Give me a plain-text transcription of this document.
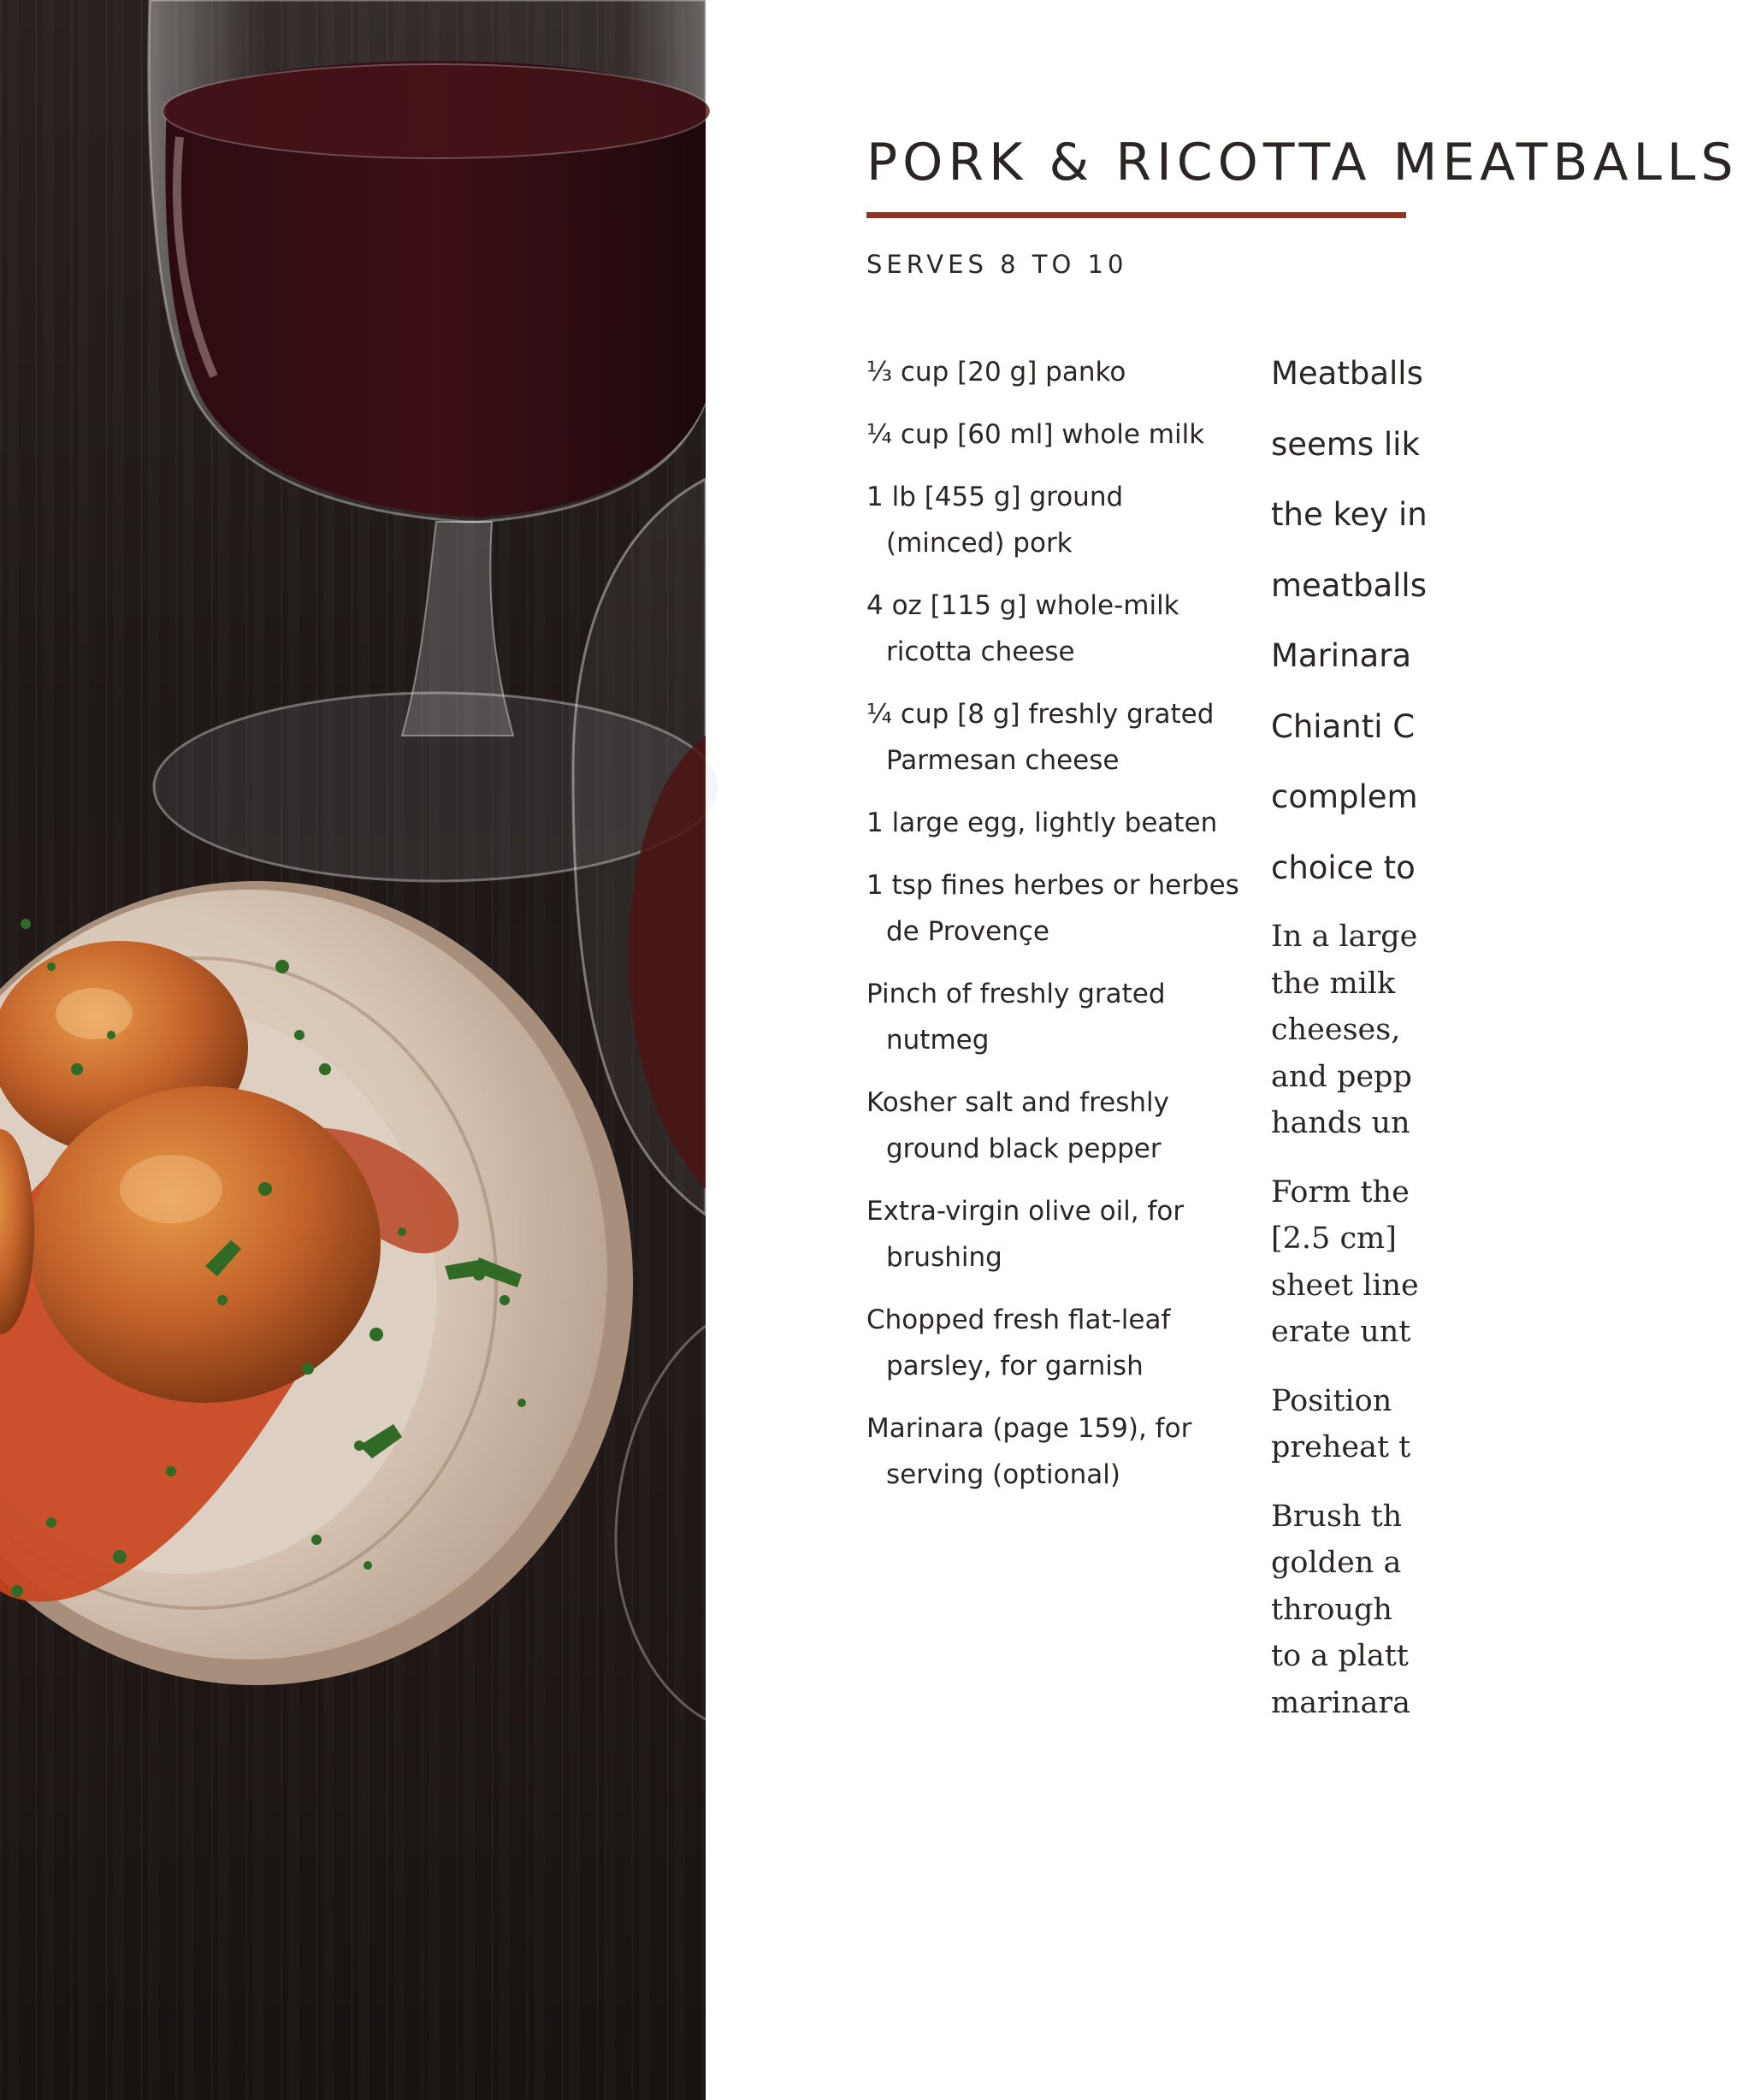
PORK & RICOTTA MEATBALLS
SERVES 8 TO 10
⅓ cup [20 g] panko
¼ cup [60 ml] whole milk
1 lb [455 g] ground (minced) pork
4 oz [115 g] whole-milk ricotta cheese
¼ cup [8 g] freshly grated Parmesan cheese
1 large egg, lightly beaten
1 tsp fines herbes or herbes de Provençe
Pinch of freshly grated nutmeg
Kosher salt and freshly ground black pepper
Extra-virgin olive oil, for brushing
Chopped fresh flat-leaf parsley, for garnish
Marinara (page 159), for serving (optional)

Meatballs

seems lik

the key in

meatballs

Marinara

Chianti C

complem

choice to

In a large

the milk

cheeses,

and pepp

hands un

Form the

[2.5 cm]

sheet line

erate unt

Position

preheat t

Brush th

golden a

through

to a platt

marinara
